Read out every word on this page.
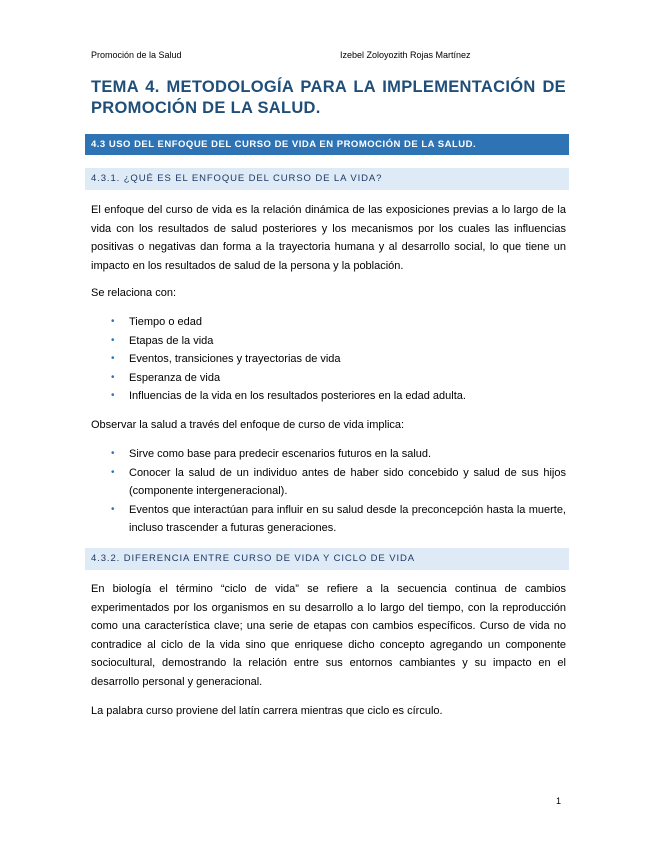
Promoción de la Salud	Izebel Zoloyozith Rojas Martínez
TEMA 4. METODOLOGÍA PARA LA IMPLEMENTACIÓN DE PROMOCIÓN DE LA SALUD.
4.3 USO DEL ENFOQUE DEL CURSO DE VIDA EN PROMOCIÓN DE LA SALUD.
4.3.1. ¿QUÉ ES EL ENFOQUE DEL CURSO DE LA VIDA?

El enfoque del curso de vida es la relación dinámica de las exposiciones previas a lo largo de la vida con los resultados de salud posteriores y los mecanismos por los cuales las influencias positivas o negativas dan forma a la trayectoria humana y al desarrollo social, lo que tiene un impacto en los resultados de salud de la persona y la población.

Se relaciona con:

• Tiempo o edad
• Etapas de la vida
• Eventos, transiciones y trayectorias de vida
• Esperanza de vida
• Influencias de la vida en los resultados posteriores en la edad adulta.

Observar la salud a través del enfoque de curso de vida implica:

• Sirve como base para predecir escenarios futuros en la salud.
• Conocer la salud de un individuo antes de haber sido concebido y salud de sus hijos (componente intergeneracional).
• Eventos que interactúan para influir en su salud desde la preconcepción hasta la muerte, incluso trascender a futuras generaciones.
4.3.2. DIFERENCIA ENTRE CURSO DE VIDA Y CICLO DE VIDA

En biología el término “ciclo de vida” se refiere a la secuencia continua de cambios experimentados por los organismos en su desarrollo a lo largo del tiempo, con la reproducción como una característica clave; una serie de etapas con cambios específicos. Curso de vida no contradice al ciclo de la vida sino que enriquese dicho concepto agregando un componente sociocultural, demostrando la relación entre sus entornos cambiantes y su impacto en el desarrollo personal y generacional.

La palabra curso proviene del latín carrera mientras que ciclo es círculo.

1
